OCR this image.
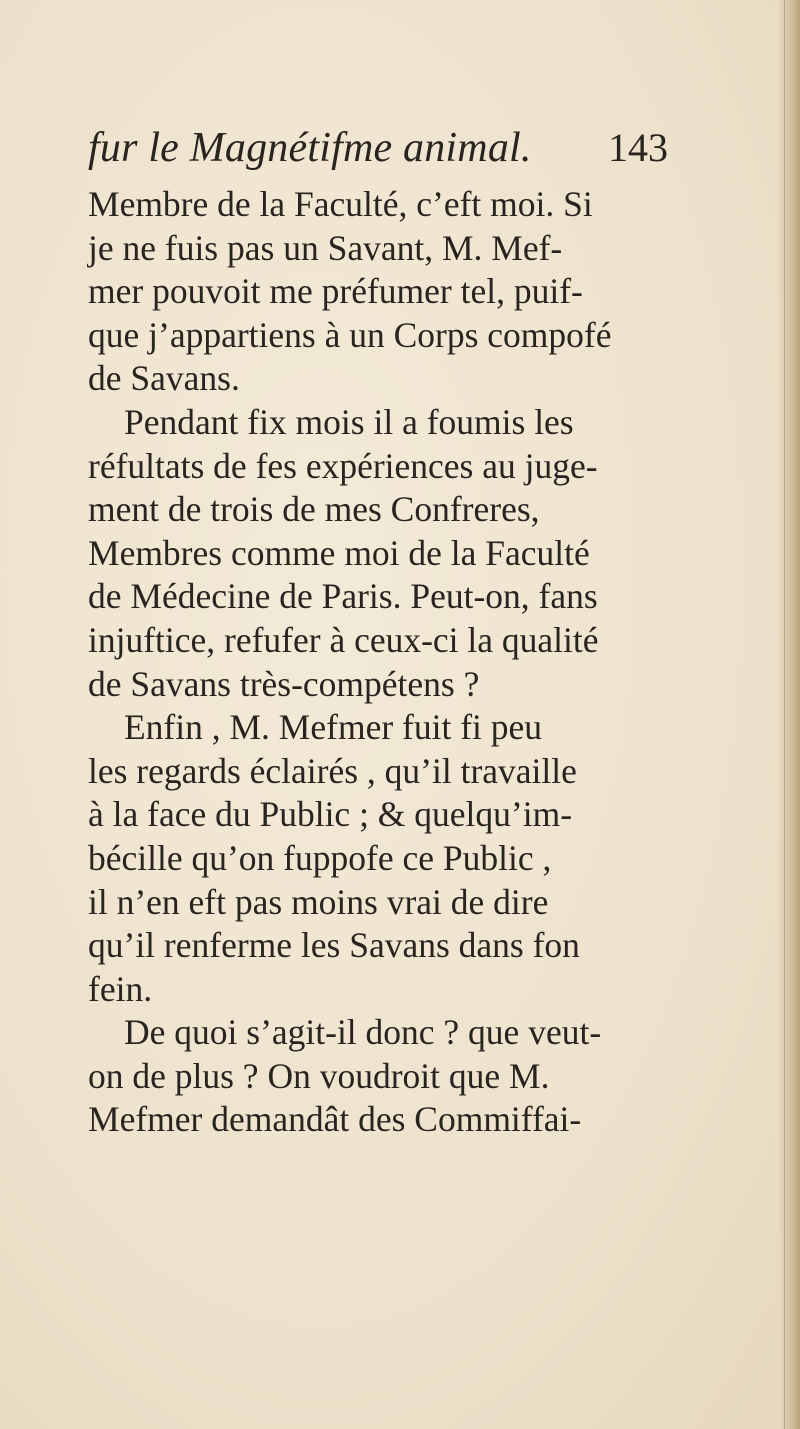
fur le Magnétifme animal. 143
Membre de la Faculté, c’eft moi. Si
je ne fuis pas un Savant, M. Mef-
mer pouvoit me préfumer tel, puif-
que j’appartiens à un Corps compofé
de Savans.
Pendant fix mois il a foumis les
réfultats de fes expériences au juge-
ment de trois de mes Confreres,
Membres comme moi de la Faculté
de Médecine de Paris. Peut-on, fans
injuftice, refufer à ceux-ci la qualité
de Savans très-compétens ?
Enfin , M. Mefmer fuit fi peu
les regards éclairés , qu’il travaille
à la face du Public ; & quelqu’im-
bécille qu’on fuppofe ce Public ,
il n’en eft pas moins vrai de dire
qu’il renferme les Savans dans fon
fein.
De quoi s’agit-il donc ? que veut-
on de plus ? On voudroit que M.
Mefmer demandât des Commiffai-
